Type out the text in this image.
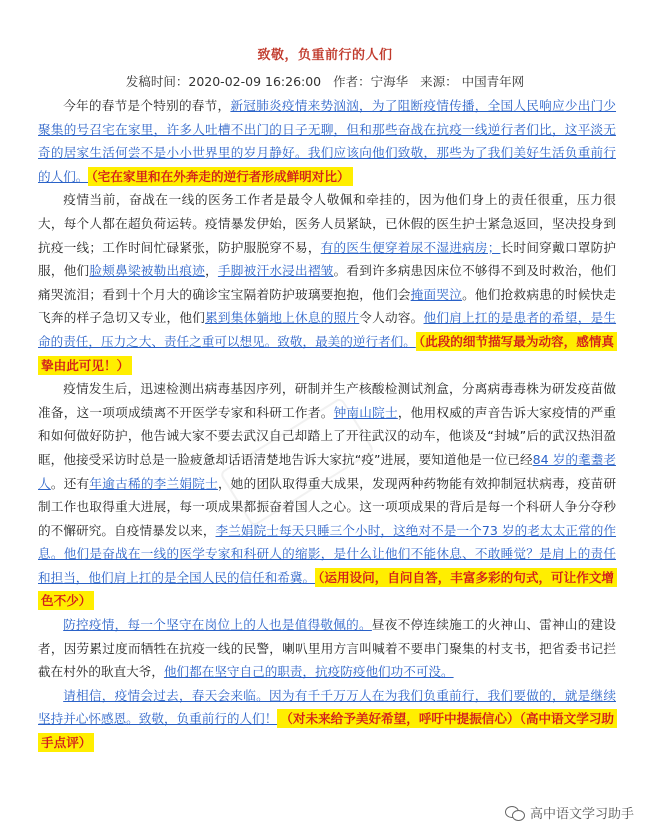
致敬，负重前行的人们
发稿时间：2020-02-09 16:26:00 作者：宁海华 来源： 中国青年网

今年的春节是个特别的春节，新冠肺炎疫情来势汹汹，为了阻断疫情传播，全国人民响应少出门少聚集的号召宅在家里，许多人吐槽不出门的日子无聊，但和那些奋战在抗疫一线逆行者们比，这平淡无奇的居家生活何尝不是小小世界里的岁月静好。我们应该向他们致敬，那些为了我们美好生活负重前行的人们。 （宅在家里和在外奔走的逆行者形成鲜明对比）

疫情当前，奋战在一线的医务工作者是最令人敬佩和牵挂的，因为他们身上的责任很重，压力很大，每个人都在超负荷运转。疫情暴发伊始，医务人员紧缺，已休假的医生护士紧急返回，坚决投身到抗疫一线；工作时间忙碌紧张，防护服脱穿不易，有的医生便穿着尿不湿进病房；长时间穿戴口罩防护服，他们脸颊鼻梁被勒出痕迹，手脚被汗水浸出褶皱。看到许多病患因床位不够得不到及时救治，他们痛哭流泪；看到十个月大的确诊宝宝隔着防护玻璃要抱抱，他们会掩面哭泣。他们抢救病患的时候快走飞奔的样子急切又专业，他们累到集体躺地上休息的照片令人动容。他们肩上扛的是患者的希望，是生命的责任，压力之大、责任之重可以想见。致敬，最美的逆行者们。 （此段的细节描写最为动容，感情真挚由此可见！）

疫情发生后，迅速检测出病毒基因序列，研制并生产核酸检测试剂盒，分离病毒毒株为研发疫苗做准备，这一项项成绩离不开医学专家和科研工作者。钟南山院士，他用权威的声音告诉大家疫情的严重和如何做好防护，他告诫大家不要去武汉自己却踏上了开往武汉的动车，他谈及“封城”后的武汉热泪盈眶，他接受采访时总是一脸疲惫却话语清楚地告诉大家抗“疫”进展，要知道他是一位已经84 岁的耄耋老人。还有年逾古稀的李兰娟院士，她的团队取得重大成果，发现两种药物能有效抑制冠状病毒，疫苗研制工作也取得重大进展，每一项成果都振奋着国人之心。这一项项成果的背后是每一个科研人争分夺秒的不懈研究。自疫情暴发以来，李兰娟院士每天只睡三个小时，这绝对不是一个73 岁的老太太正常的作息。他们是奋战在一线的医学专家和科研人的缩影，是什么让他们不能休息、不敢睡觉？是肩上的责任和担当，他们肩上扛的是全国人民的信任和希冀。 （运用设问，自问自答，丰富多彩的句式，可让作文增色不少）

防控疫情，每一个坚守在岗位上的人也是值得敬佩的。昼夜不停连续施工的火神山、雷神山的建设者，因劳累过度而牺牲在抗疫一线的民警，喇叭里用方言叫喊着不要串门聚集的村支书，把省委书记拦截在村外的耿直大爷，他们都在坚守自己的职责，抗疫防疫他们功不可没。

请相信，疫情会过去，春天会来临。因为有千千万万人在为我们负重前行，我们要做的，就是继续坚持并心怀感恩。致敬，负重前行的人们！ （对未来给予美好希望，呼吁中提振信心）（高中语文学习助手点评）

高中语文学习助手
